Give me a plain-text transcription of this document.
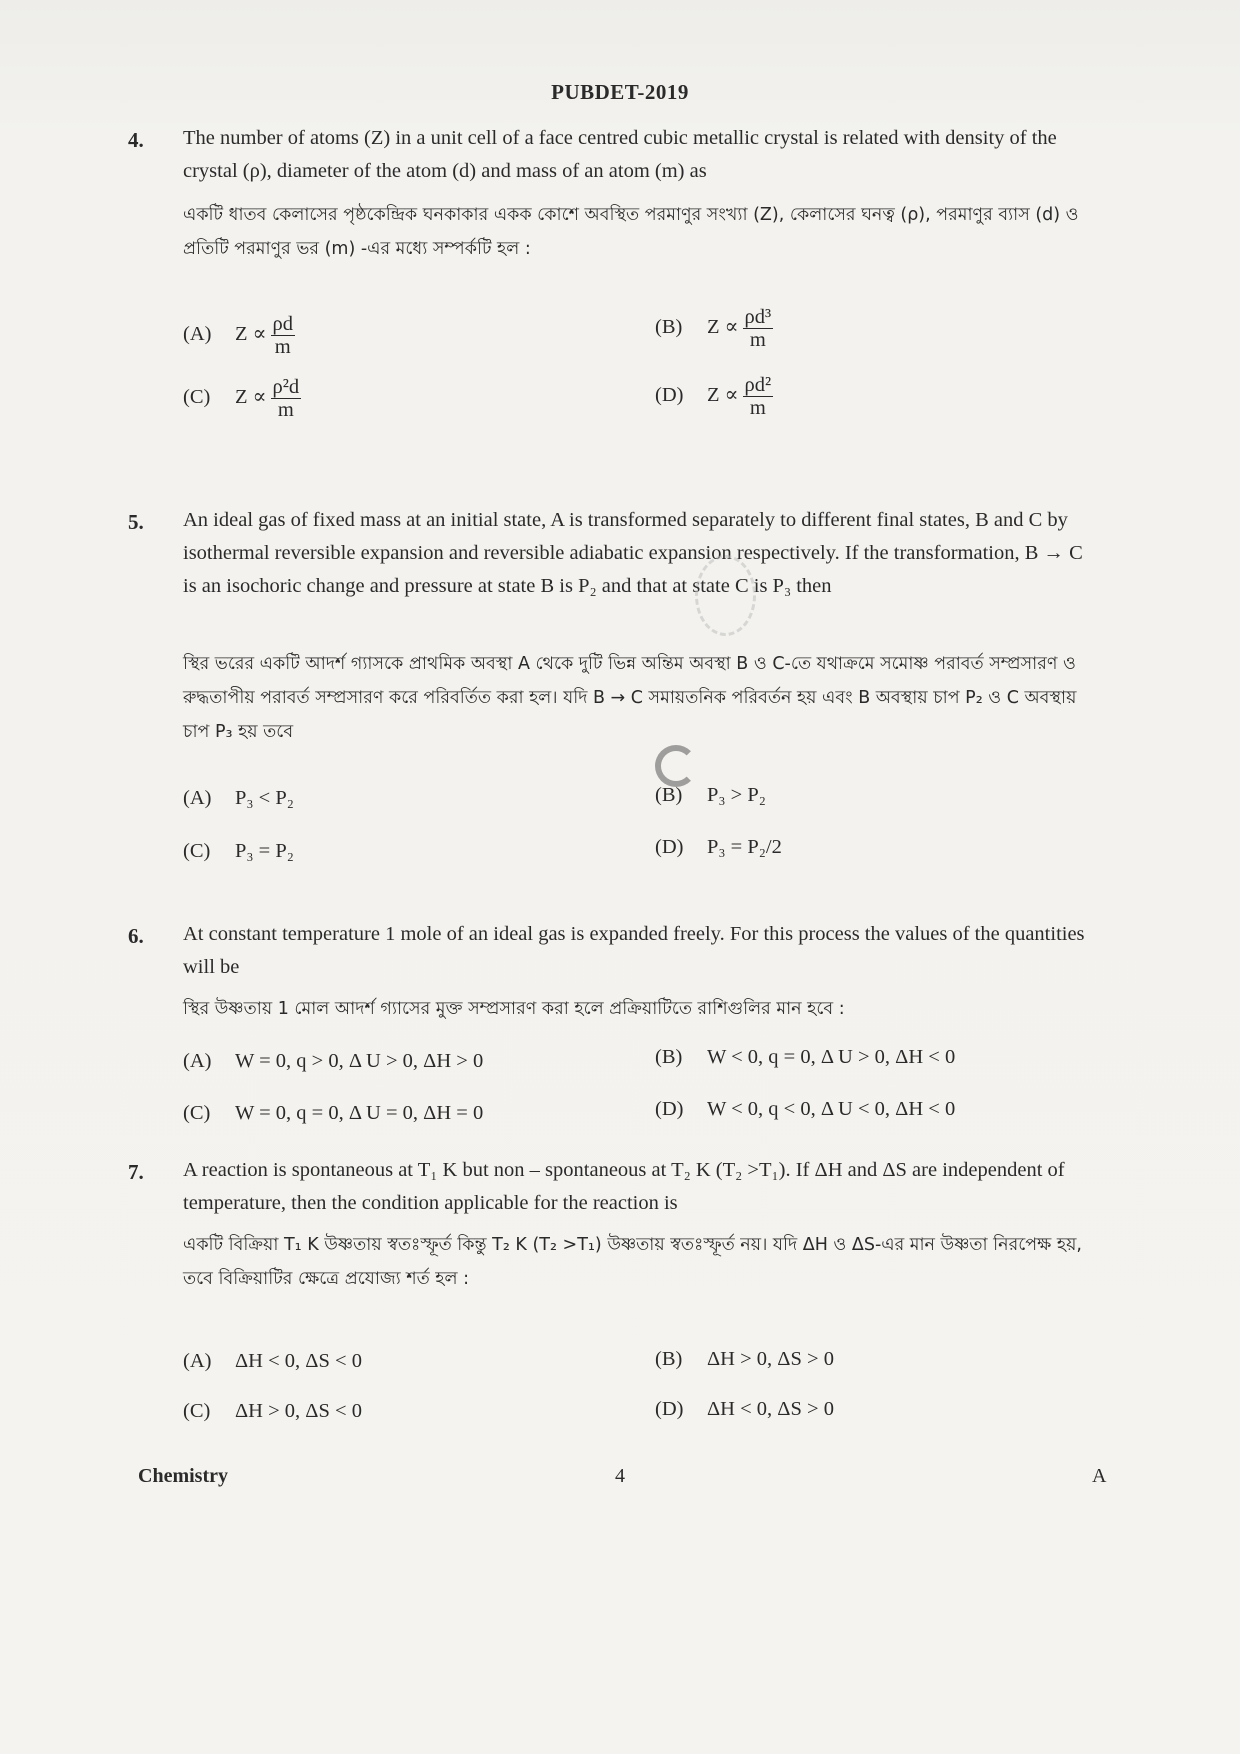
PUBDET-2019
4. The number of atoms (Z) in a unit cell of a face centred cubic metallic crystal is related with density of the crystal (ρ), diameter of the atom (d) and mass of an atom (m) as
একটি ধাতব কেলাসের পৃষ্ঠকেন্দ্রিক ঘনকাকার একক কোশে অবস্থিত পরমাণুর সংখ্যা (Z), কেলাসের ঘনত্ব (ρ), পরমাণুর ব্যাস (d) ও প্রতিটি পরমাণুর ভর (m) -এর মধ্যে সম্পর্কটি হল :
(A) $Z \propto \frac{\rho d}{m}$	(B) $Z \propto \frac{\text{ρd³}}{m}$
(C) $Z \propto \frac{\text{ρ²d}}{m}$	(D) $Z \propto \frac{\text{ρd²}}{m}$
5. An ideal gas of fixed mass at an initial state, A is transformed separately to different final states, B and C by isothermal reversible expansion and reversible adiabatic expansion respectively. If the transformation, B → C is an isochoric change and pressure at state B is P₂ and that at state C is P₃ then
স্থির ভরের একটি আদর্শ গ্যাসকে প্রাথমিক অবস্থা A থেকে দুটি ভিন্ন অন্তিম অবস্থা B ও C-তে যথাক্রমে সমোষ্ণ পরাবর্ত সম্প্রসারণ ও রুদ্ধতাপীয় পরাবর্ত সম্প্রসারণ করে পরিবর্তিত করা হল। যদি B → C সমায়তনিক পরিবর্তন হয় এবং B অবস্থায় চাপ P₂ ও C অবস্থায় চাপ P₃ হয় তবে
(A) P₃ < P₂	(B) P₃ > P₂
(C) P₃ = P₂	(D) P₃ = P₂/2
6. At constant temperature 1 mole of an ideal gas is expanded freely. For this process the values of the quantities will be
স্থির উষ্ণতায় 1 মোল আদর্শ গ্যাসের মুক্ত সম্প্রসারণ করা হলে প্রক্রিয়াটিতে রাশিগুলির মান হবে :
(A) W = 0, q > 0, Δ U > 0, ΔH > 0	(B) W < 0, q = 0, Δ U > 0, ΔH < 0
(C) W = 0, q = 0, Δ U = 0, ΔH = 0	(D) W < 0, q < 0, Δ U < 0, ΔH < 0
7. A reaction is spontaneous at T₁ K but non – spontaneous at T₂ K (T₂ >T₁). If ΔH and ΔS are independent of temperature, then the condition applicable for the reaction is
একটি বিক্রিয়া T₁ K উষ্ণতায় স্বতঃস্ফূর্ত কিন্তু T₂ K (T₂ >T₁) উষ্ণতায় স্বতঃস্ফূর্ত নয়। যদি ΔH ও ΔS-এর মান উষ্ণতা নিরপেক্ষ হয়, তবে বিক্রিয়াটির ক্ষেত্রে প্রযোজ্য শর্ত হল :
(A) ΔH < 0, ΔS < 0	(B) ΔH > 0, ΔS > 0
(C) ΔH > 0, ΔS < 0	(D) ΔH < 0, ΔS > 0
Chemistry	4	A
